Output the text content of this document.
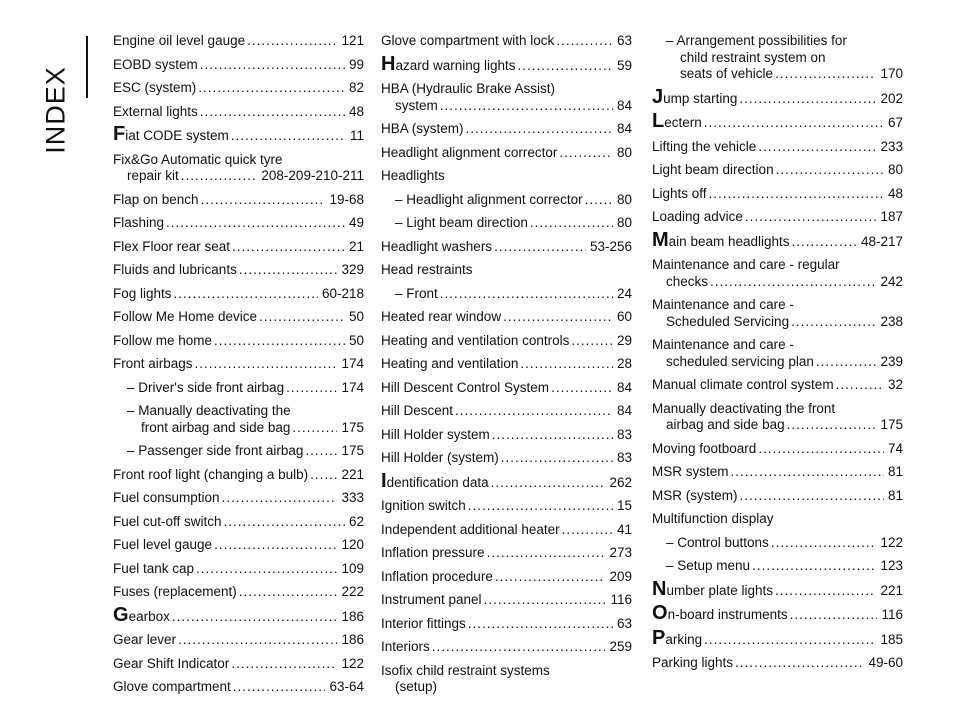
INDEX
Engine oil level gauge .....	121
EOBD system .....	99
ESC (system) .....	82
External lights .....	48
Fiat CODE system .....	11
Fix&Go Automatic quick tyre
repair kit .....	208-209-210-211
Flap on bench .....	19-68
Flashing .....	49
Flex Floor rear seat .....	21
Fluids and lubricants .....	329
Fog lights .....	60-218
Follow Me Home device .....	50
Follow me home .....	50
Front airbags .....	174
– Driver's side front airbag .....	174
– Manually deactivating the
front airbag and side bag .....	175
– Passenger side front airbag .....	175
Front roof light (changing a bulb) ..... 221
Fuel consumption .....	333
Fuel cut-off switch .....	62
Fuel level gauge .....	120
Fuel tank cap .....	109
Fuses (replacement) .....	222
Gearbox .....	186
Gear lever .....	186
Gear Shift Indicator .....	122
Glove compartment .....	63-64
Glove compartment with lock .....	63
Hazard warning lights .....	59
HBA (Hydraulic Brake Assist)
system .....	84
HBA (system) .....	84
Headlight alignment corrector .....	80
Headlights
– Headlight alignment corrector .....	80
– Light beam direction .....	80
Headlight washers .....	53-256
Head restraints
– Front .....	24
Heated rear window .....	60
Heating and ventilation controls .....	29
Heating and ventilation .....	28
Hill Descent Control System .....	84
Hill Descent .....	84
Hill Holder system .....	83
Hill Holder (system) .....	83
Identification data .....	262
Ignition switch .....	15
Independent additional heater .....	41
Inflation pressure .....	273
Inflation procedure .....	209
Instrument panel .....	116
Interior fittings .....	63
Interiors .....	259
Isofix child restraint systems
(setup)
– Arrangement possibilities for
child restraint system on
seats of vehicle .....	170
Jump starting .....	202
Lectern .....	67
Lifting the vehicle .....	233
Light beam direction .....	80
Lights off .....	48
Loading advice .....	187
Main beam headlights .....	48-217
Maintenance and care - regular
checks .....	242
Maintenance and care -
Scheduled Servicing .....	238
Maintenance and care -
scheduled servicing plan .....	239
Manual climate control system .....	32
Manually deactivating the front
airbag and side bag .....	175
Moving footboard .....	74
MSR system .....	81
MSR (system) .....	81
Multifunction display
– Control buttons .....	122
– Setup menu .....	123
Number plate lights .....	221
On-board instruments .....	116
Parking .....	185
Parking lights .....	49-60
